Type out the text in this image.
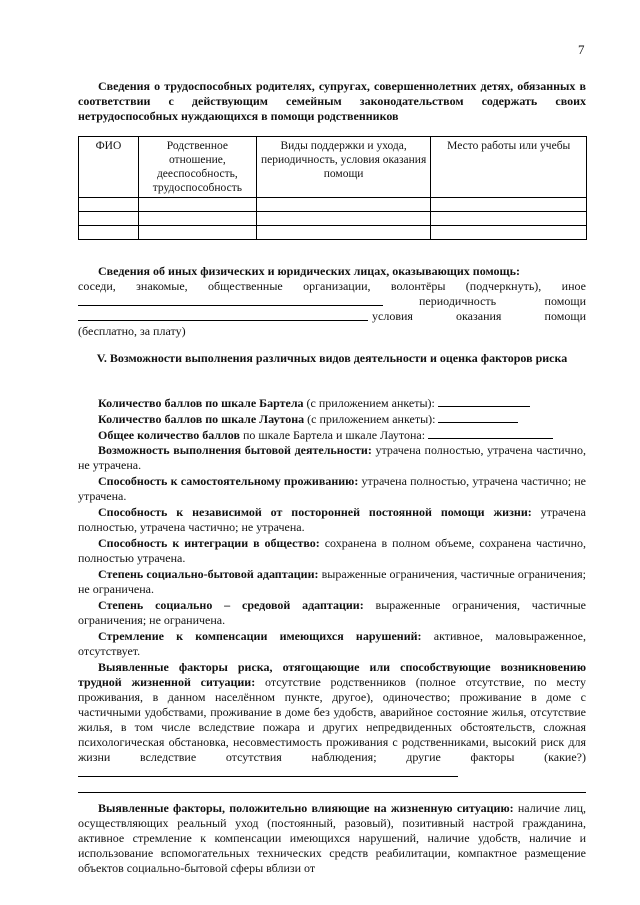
7
Сведения о трудоспособных родителях, супругах, совершеннолетних детях, обязанных в соответствии с действующим семейным законодательством содержать своих нетрудоспособных нуждающихся в помощи родственников
ФИО	Родственное отношение, дееспособность, трудоспособность	Виды поддержки и ухода, периодичность, условия оказания помощи	Место работы или учебы

Сведения об иных физических и юридических лицах, оказывающих помощь:
соседи, знакомые, общественные организации, волонтёры (подчеркнуть), иное
периодичность помощи
условия оказания помощи
(бесплатно, за плату)
V. Возможности выполнения различных видов деятельности и оценка факторов риска
Количество баллов по шкале Бартела (с приложением анкеты):
Количество баллов по шкале Лаутона (с приложением анкеты):
Общее количество баллов по шкале Бартела и шкале Лаутона:
Возможность выполнения бытовой деятельности: утрачена полностью, утрачена частично, не утрачена.
Способность к самостоятельному проживанию: утрачена полностью, утрачена частично; не утрачена.
Способность к независимой от посторонней постоянной помощи жизни: утрачена полностью, утрачена частично; не утрачена.
Способность к интеграции в общество: сохранена в полном объеме, сохранена частично, полностью утрачена.
Степень социально-бытовой адаптации: выраженные ограничения, частичные ограничения; не ограничена.
Степень социально – средовой адаптации: выраженные ограничения, частичные ограничения; не ограничена.
Стремление к компенсации имеющихся нарушений: активное, маловыраженное, отсутствует.
Выявленные факторы риска, отягощающие или способствующие возникновению трудной жизненной ситуации: отсутствие родственников (полное отсутствие, по месту проживания, в данном населённом пункте, другое), одиночество; проживание в доме с частичными удобствами, проживание в доме без удобств, аварийное состояние жилья, отсутствие жилья, в том числе вследствие пожара и других непредвиденных обстоятельств, сложная психологическая обстановка, несовместимость проживания с родственниками, высокий риск для жизни вследствие отсутствия наблюдения; другие факторы (какие?)
Выявленные факторы, положительно влияющие на жизненную ситуацию: наличие лиц, осуществляющих реальный уход (постоянный, разовый), позитивный настрой гражданина, активное стремление к компенсации имеющихся нарушений, наличие удобств, наличие и использование вспомогательных технических средств реабилитации, компактное размещение объектов социально-бытовой сферы вблизи от
